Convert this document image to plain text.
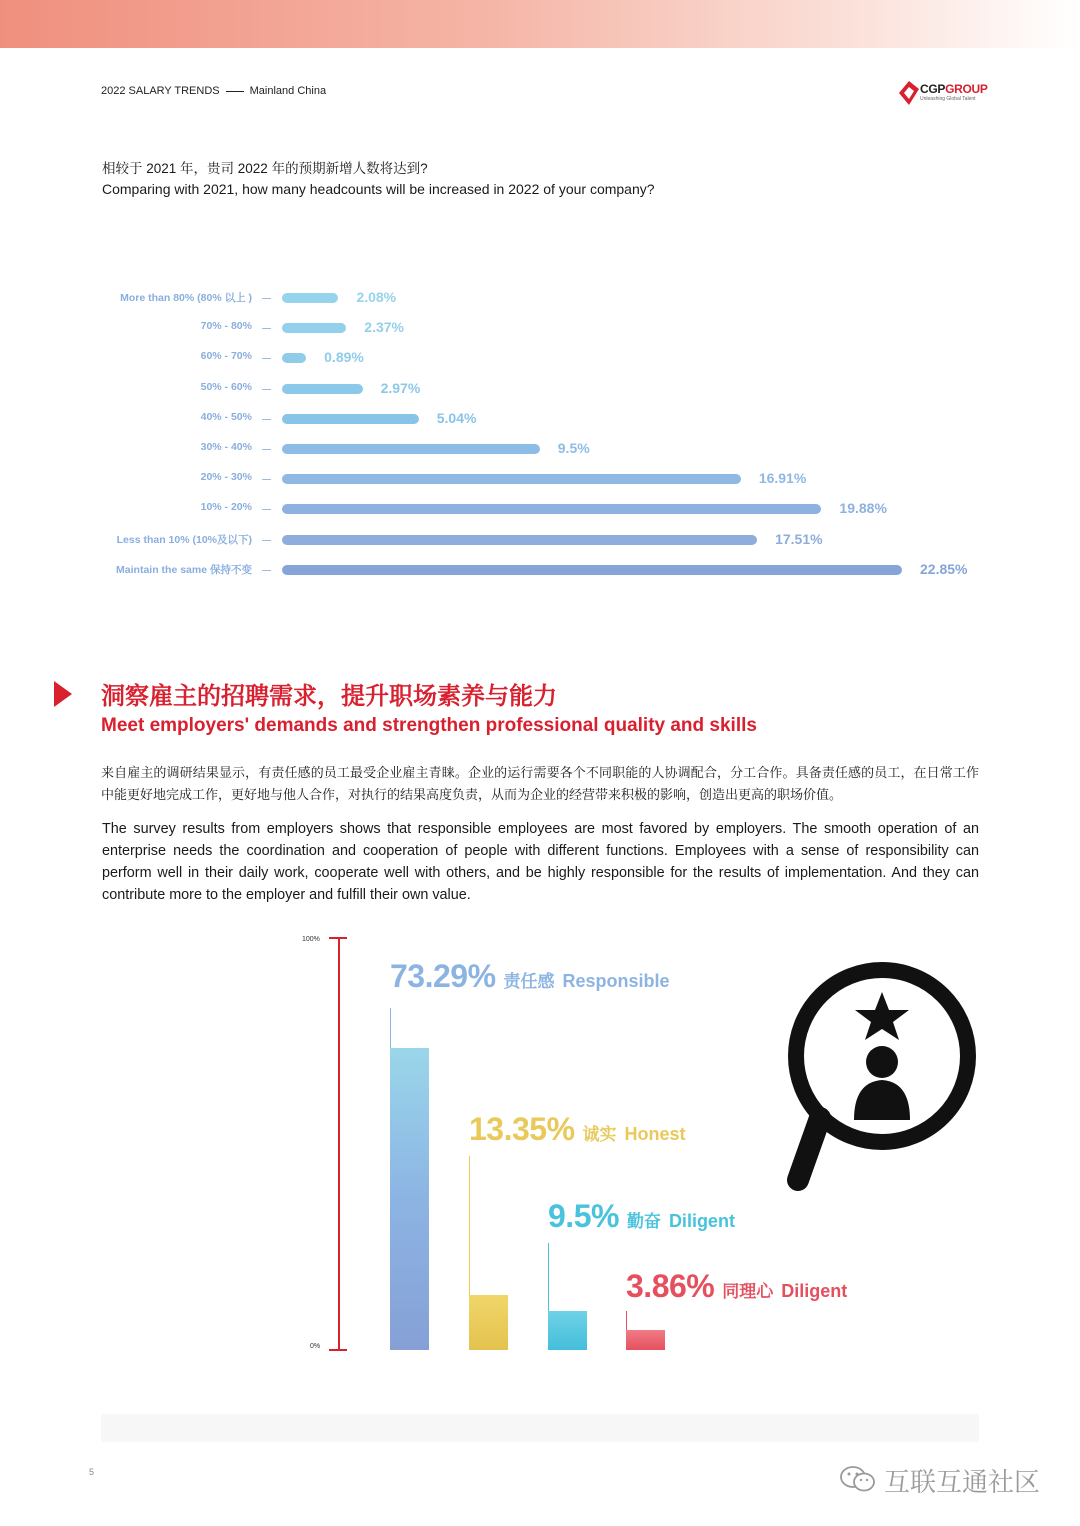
2022 SALARY TRENDS	Mainland China	CGPGROUP
Unleashing Global Talent
相较于 2021 年，贵司 2022 年的预期新增人数将达到?
Comparing with 2021, how many headcounts will be increased in 2022 of your company?
More than 80% (80% 以上 )	2.08%
70% - 80%	2.37%
60% - 70%	0.89%
50% - 60%	2.97%
40% - 50%	5.04%
30% - 40%	9.5%
20% - 30%	16.91%
10% - 20%	19.88%
Less than 10% (10%及以下)	17.51%
Maintain the same 保持不变	22.85%
洞察雇主的招聘需求，提升职场素养与能力
Meet employers' demands and strengthen professional quality and skills
来自雇主的调研结果显示，有责任感的员工最受企业雇主青睐。企业的运行需要各个不同职能的人协调配合，分工合作。具备责任感的员工，在日常工作中能更好地完成工作，更好地与他人合作，对执行的结果高度负责，从而为企业的经营带来积极的影响，创造出更高的职场价值。
The survey results from employers shows that responsible employees are most favored by employers. The smooth operation of an enterprise needs the coordination and cooperation of people with different functions. Employees with a sense of responsibility can perform well in their daily work, cooperate well with others, and be highly responsible for the results of implementation. And they can contribute more to the employer and fulfill their own value.
100%
0%
73.29% 责任感 Responsible
13.35% 诚实 Honest
9.5% 勤奋 Diligent
3.86% 同理心 Diligent
5	互联互通社区
